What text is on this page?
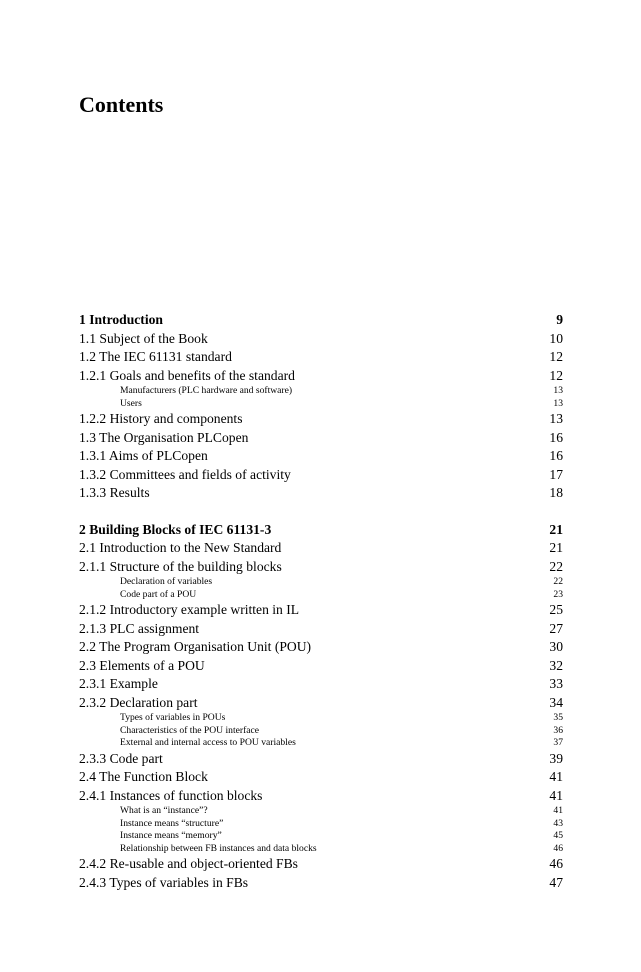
Contents
1 Introduction	9
1.1 Subject of the Book	10
1.2 The IEC 61131 standard	12
1.2.1 Goals and benefits of the standard	12
Manufacturers (PLC hardware and software)	13
Users	13
1.2.2 History and components	13
1.3 The Organisation PLCopen	16
1.3.1 Aims of PLCopen	16
1.3.2 Committees and fields of activity	17
1.3.3 Results	18
2 Building Blocks of IEC 61131-3	21
2.1 Introduction to the New Standard	21
2.1.1 Structure of the building blocks	22
Declaration of variables	22
Code part of a POU	23
2.1.2 Introductory example written in IL	25
2.1.3 PLC assignment	27
2.2 The Program Organisation Unit (POU)	30
2.3 Elements of a POU	32
2.3.1 Example	33
2.3.2 Declaration part	34
Types of variables in POUs	35
Characteristics of the POU interface	36
External and internal access to POU variables	37
2.3.3 Code part	39
2.4 The Function Block	41
2.4.1 Instances of function blocks	41
What is an “instance”?	41
Instance means “structure”	43
Instance means “memory”	45
Relationship between FB instances and data blocks	46
2.4.2 Re-usable and object-oriented FBs	46
2.4.3 Types of variables in FBs	47
